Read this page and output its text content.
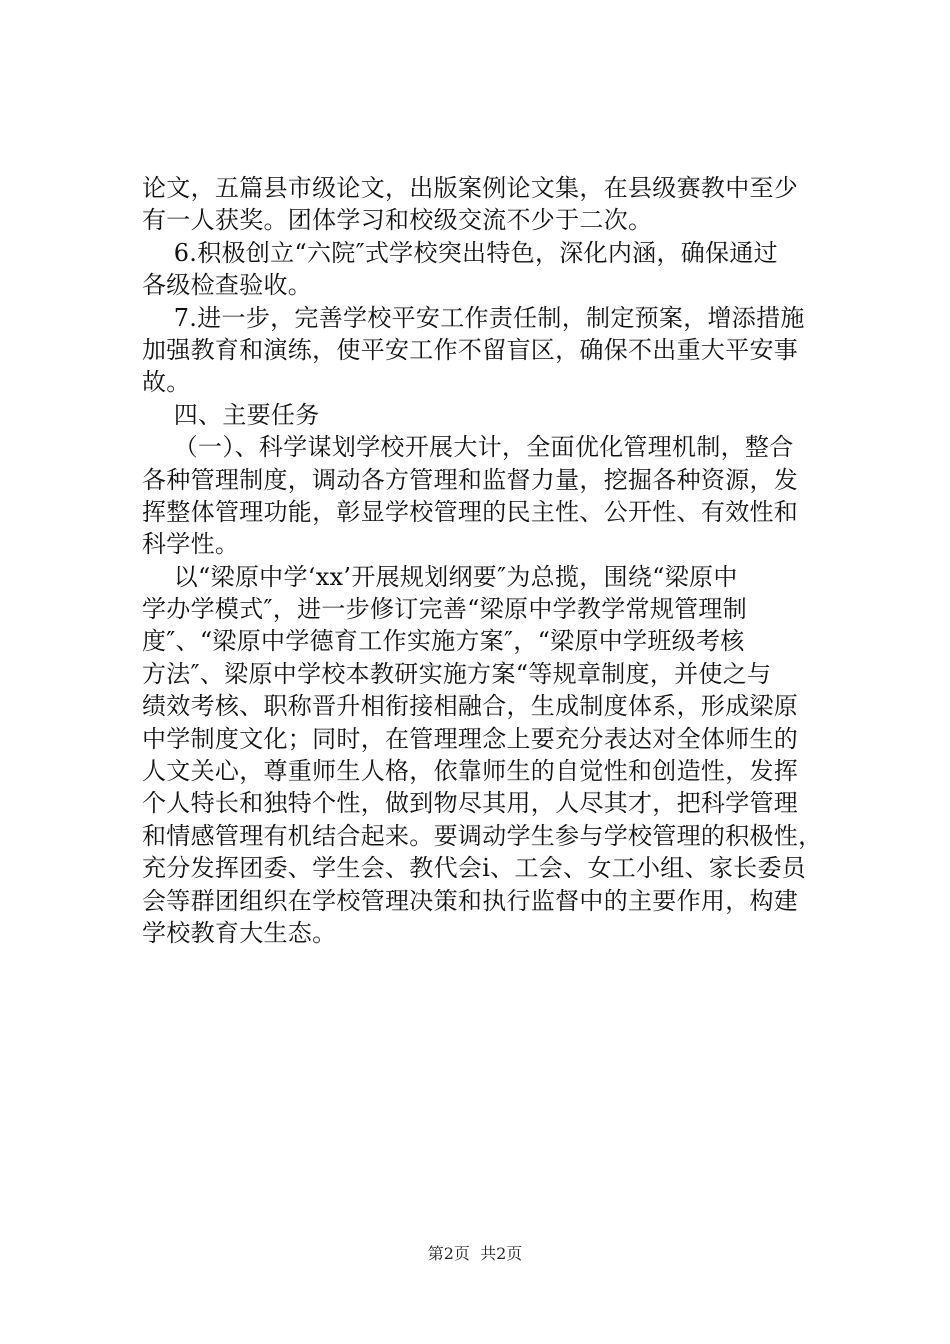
论文，五篇县市级论文，出版案例论文集，在县级赛教中至少
有一人获奖。团体学习和校级交流不少于二次。
6.积极创立“六院″式学校突出特色，深化内涵，确保通过
各级检查验收。
7.进一步，完善学校平安工作责任制，制定预案，增添措施
加强教育和演练，使平安工作不留盲区，确保不出重大平安事
故。
四、主要任务
（一）、科学谋划学校开展大计，全面优化管理机制，整合
各种管理制度，调动各方管理和监督力量，挖掘各种资源，发
挥整体管理功能，彰显学校管理的民主性、公开性、有效性和
科学性。
以“梁原中学‘xx’开展规划纲要″为总揽，围绕“梁原中
学办学模式″，进一步修订完善“梁原中学教学常规管理制
度″、“梁原中学德育工作实施方案″，“梁原中学班级考核
方法″、梁原中学校本教研实施方案“等规章制度，并使之与
绩效考核、职称晋升相衔接相融合，生成制度体系，形成梁原
中学制度文化；同时，在管理理念上要充分表达对全体师生的
人文关心，尊重师生人格，依靠师生的自觉性和创造性，发挥
个人特长和独特个性，做到物尽其用，人尽其才，把科学管理
和情感管理有机结合起来。要调动学生参与学校管理的积极性，
充分发挥团委、学生会、教代会i、工会、女工小组、家长委员
会等群团组织在学校管理决策和执行监督中的主要作用，构建
学校教育大生态。
第2页  共2页
